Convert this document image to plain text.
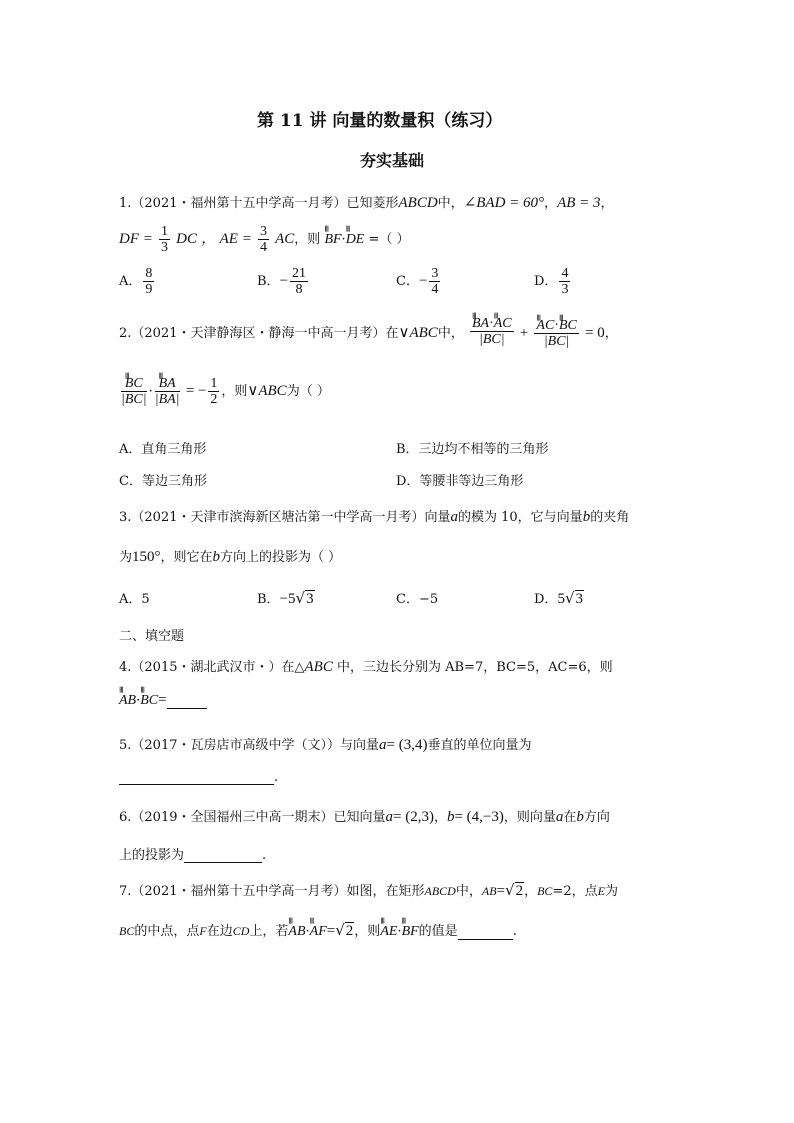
第 11 讲 向量的数量积（练习）
夯实基础
1.（2021・福州第十五中学高一月考）已知菱形ABCD中，∠BAD = 60°，AB = 3，
DF = $\frac{1}{3}$ DC ， AE = $\frac{3}{4}$ AC，则 ꞁꞁꞁ BF·ꞁꞁꞁ DE =（ ）
A． $\frac{8}{9}$	B．− $\frac{21}{8}$	C．− $\frac{3}{4}$	D． $\frac{4}{3}$
2.（2021・天津静海区・静海一中高一月考）在∨ABC中， ꞁꞁꞁ $\frac{\text{BA·ꞁꞁꞁ AC}}{|BC|}$ + ꞁꞁꞁ $\frac{\text{AC·ꞁꞁꞁ BC}}{|BC|} = 0$，
ꞁꞁꞁ $\frac{BC}{|BC|}$ · ꞁꞁꞁ $\frac{BA}{|BA|}$ = − $\frac{1}{2}$ ，则∨ABC为（ ）
A．直角三角形	B．三边均不相等的三角形
C．等边三角形	D．等腰非等边三角形
3.（2021・天津市滨海新区塘沽第一中学高一月考）向量a的模为 10，它与向量b的夹角
为150°，则它在b方向上的投影为（ ）
A．5	B．−5√3	C．−5	D．5√3
二、填空题
4.（2015・湖北武汉市・）在△ABC 中，三边长分别为 AB=7，BC=5，AC=6，则
ꞁꞁꞁ AB·ꞁꞁꞁ BC=
5.（2017・瓦房店市高级中学（文））与向量a= (3,4)垂直的单位向量为
.
6.（2019・全国福州三中高一期末）已知向量a= (2,3)，b= (4,−3)，则向量a在b方向
上的投影为	.
7.（2021・福州第十五中学高一月考）如图，在矩形ABCD中，AB=√2，BC=2，点E为
BC的中点，点F在边CD上，若ꞁꞁꞁ AB·ꞁꞁꞁ AF=√2，则ꞁꞁꞁ AE·ꞁꞁꞁ BF的值是	.
